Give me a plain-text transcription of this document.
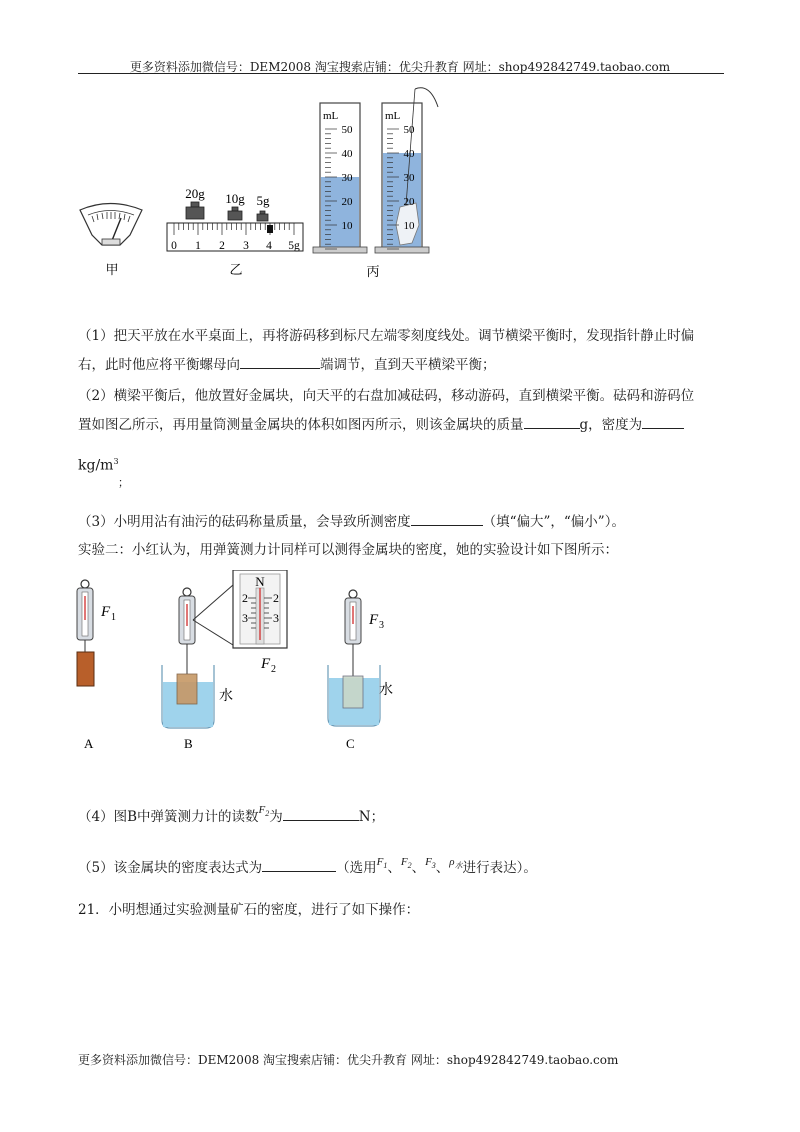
更多资料添加微信号：DEM2008 淘宝搜索店铺：优尖升教育 网址：shop492842749.taobao.com
甲
20g 10g 5g
0 1 2 3 4 5g
乙
mL
50
40
30
20
10
mL
50
40
30
20
10
丙
（1）把天平放在水平桌面上，再将游码移到标尺左端零刻度线处。调节横梁平衡时，发现指针静止时偏
右，此时他应将平衡螺母向	端调节，直到天平横梁平衡；
（2）横梁平衡后，他放置好金属块，向天平的右盘加减砝码，移动游码，直到横梁平衡。砝码和游码位
置如图乙所示，再用量筒测量金属块的体积如图丙所示，则该金属块的质量	g，密度为
$kg/m^3$
；
（3）小明用沾有油污的砝码称量质量，会导致所测密度	（填“偏大”，“偏小”）。
实验二：小红认为，用弹簧测力计同样可以测得金属块的密度，她的实验设计如下图所示：
F 1
A
水
B
N
2 2
3 3
F 2
水
F 3
C
（4）图B中弹簧测力计的读数$^{F_2}$为	N；
（5）该金属块的密度表达式为	（选用$^{F_1}$、$^{F_2}$、$^{F_3}$、$^{\rho_水}$进行表达）。
21．小明想通过实验测量矿石的密度，进行了如下操作：
更多资料添加微信号：DEM2008 淘宝搜索店铺：优尖升教育 网址：shop492842749.taobao.com
